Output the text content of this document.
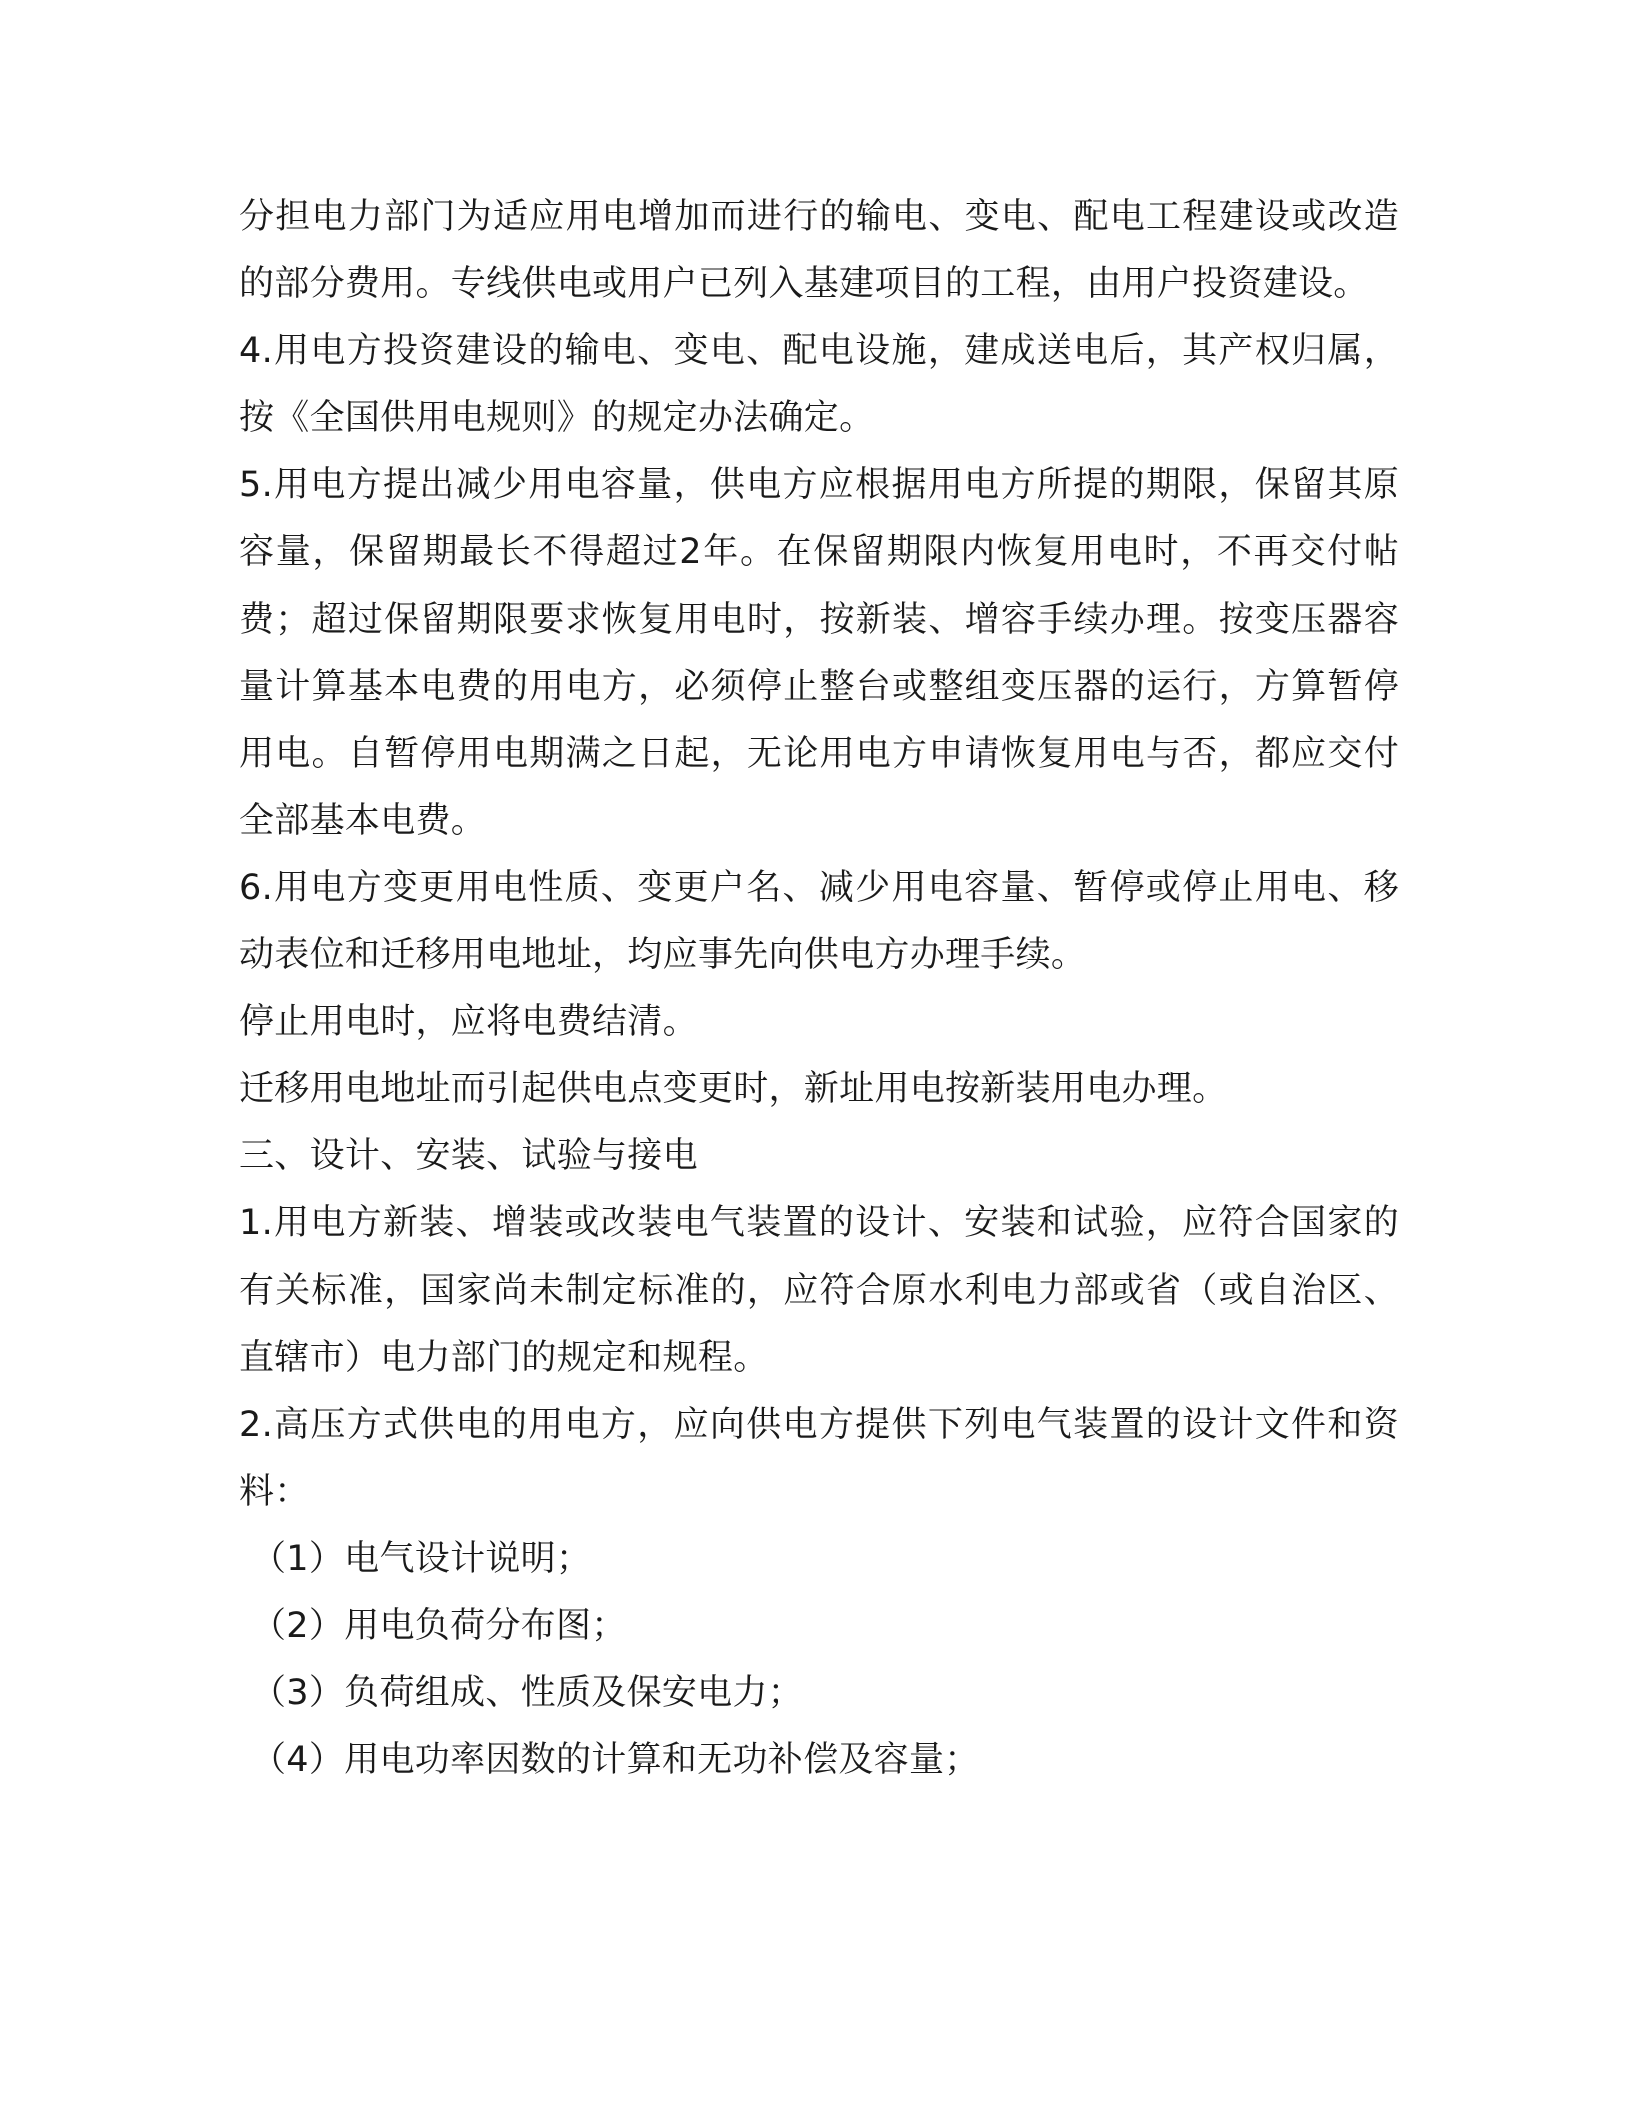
分担电力部门为适应用电增加而进行的输电、变电、配电工程建设或改造的部分费用。专线供电或用户已列入基建项目的工程，由用户投资建设。

4.用电方投资建设的输电、变电、配电设施，建成送电后，其产权归属，按《全国供用电规则》的规定办法确定。

5.用电方提出减少用电容量，供电方应根据用电方所提的期限，保留其原容量，保留期最长不得超过2年。在保留期限内恢复用电时，不再交付帖费；超过保留期限要求恢复用电时，按新装、增容手续办理。按变压器容量计算基本电费的用电方，必须停止整台或整组变压器的运行，方算暂停用电。自暂停用电期满之日起，无论用电方申请恢复用电与否，都应交付全部基本电费。

6.用电方变更用电性质、变更户名、减少用电容量、暂停或停止用电、移动表位和迁移用电地址，均应事先向供电方办理手续。

停止用电时，应将电费结清。

迁移用电地址而引起供电点变更时，新址用电按新装用电办理。

三、设计、安装、试验与接电

1.用电方新装、增装或改装电气装置的设计、安装和试验，应符合国家的有关标准，国家尚未制定标准的，应符合原水利电力部或省（或自治区、直辖市）电力部门的规定和规程。

2.高压方式供电的用电方，应向供电方提供下列电气装置的设计文件和资料：

（1）电气设计说明；

（2）用电负荷分布图；

（3）负荷组成、性质及保安电力；

（4）用电功率因数的计算和无功补偿及容量；
